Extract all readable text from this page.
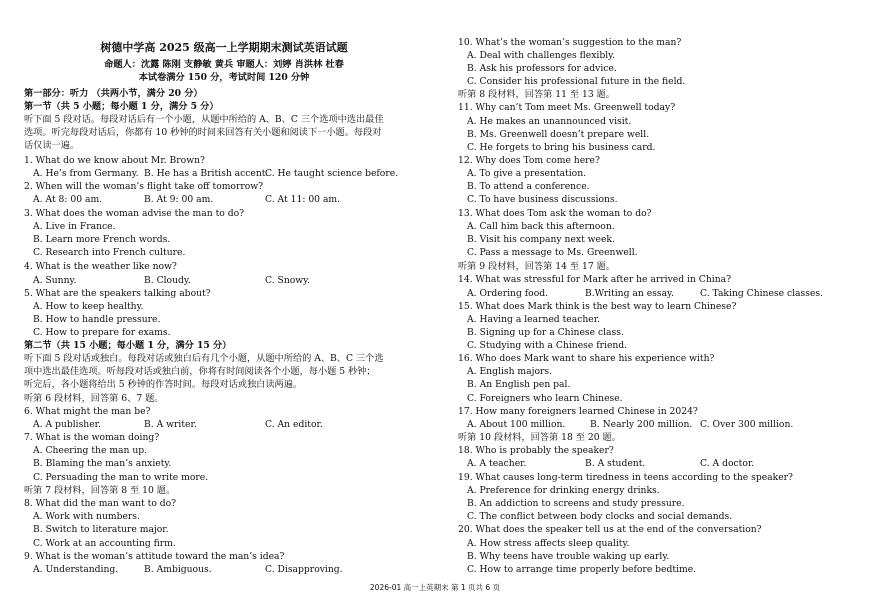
树德中学高 2025 级高一上学期期末测试英语试题
命题人：沈露 陈刚 支静敏 黄兵 审题人：刘婷 肖洪林 杜春
本试卷满分 150 分，考试时间 120 分钟
第一部分：听力 （共两小节，满分 20 分）
第一节（共 5 小题；每小题 1 分，满分 5 分）
听下面 5 段对话。每段对话后有一个小题，从题中所给的 A、B、C 三个选项中选出最佳
选项。听完每段对话后，你都有 10 秒钟的时间来回答有关小题和阅读下一小题。每段对
话仅读一遍。
1. What do we know about Mr. Brown?
A. He’s from Germany. B. He has a British accent.
C. He taught science before.
2. When will the woman’s flight take off tomorrow?
A. At 8: 00 am.	B. At 9: 00 am.	C. At 11: 00 am.
3. What does the woman advise the man to do?
A. Live in France.
B. Learn more French words.
C. Research into French culture.
4. What is the weather like now?
A. Sunny.	B. Cloudy.	C. Snowy.
5. What are the speakers talking about?
A. How to keep healthy.
B. How to handle pressure.
C. How to prepare for exams.
第二节（共 15 小题；每小题 1 分，满分 15 分）
听下面 5 段对话或独白。每段对话或独白后有几个小题，从题中所给的 A、B、C 三个选
项中选出最佳选项。听每段对话或独白前，你将有时间阅读各个小题，每小题 5 秒钟；
听完后，各小题将给出 5 秒钟的作答时间。每段对话或独白读两遍。
听第 6 段材料，回答第 6、7 题。
6. What might the man be?
A. A publisher.	B. A writer.	C. An editor.
7. What is the woman doing?
A. Cheering the man up.
B. Blaming the man’s anxiety.
C. Persuading the man to write more.
听第 7 段材料，回答第 8 至 10 题。
8. What did the man want to do?
A. Work with numbers.
B. Switch to literature major.
C. Work at an accounting firm.
9. What is the woman’s attitude toward the man’s idea?
A. Understanding.	B. Ambiguous.	C. Disapproving.
10. What’s the woman’s suggestion to the man?
A. Deal with challenges flexibly.
B. Ask his professors for advice.
C. Consider his professional future in the field.
听第 8 段材料，回答第 11 至 13 题。
11. Why can’t Tom meet Ms. Greenwell today?
A. He makes an unannounced visit.
B. Ms. Greenwell doesn’t prepare well.
C. He forgets to bring his business card.
12. Why does Tom come here?
A. To give a presentation.
B. To attend a conference.
C. To have business discussions.
13. What does Tom ask the woman to do?
A. Call him back this afternoon.
B. Visit his company next week.
C. Pass a message to Ms. Greenwell.
听第 9 段材料，回答第 14 至 17 题。
14. What was stressful for Mark after he arrived in China?
A. Ordering food.	B.Writing an essay.	C. Taking Chinese classes.
15. What does Mark think is the best way to learn Chinese?
A. Having a learned teacher.
B. Signing up for a Chinese class.
C. Studying with a Chinese friend.
16. Who does Mark want to share his experience with?
A. English majors.
B. An English pen pal.
C. Foreigners who learn Chinese.
17. How many foreigners learned Chinese in 2024?
A. About 100 million.	B. Nearly 200 million. C. Over 300 million.
听第 10 段材料，回答第 18 至 20 题。
18. Who is probably the speaker?
A. A teacher.	B. A student.	C. A doctor.
19. What causes long-term tiredness in teens according to the speaker?
A. Preference for drinking energy drinks.
B. An addiction to screens and study pressure.
C. The conflict between body clocks and social demands.
20. What does the speaker tell us at the end of the conversation?
A. How stress affects sleep quality.
B. Why teens have trouble waking up early.
C. How to arrange time properly before bedtime.
2026-01 高一上英期末 第 1 页共 6 页
